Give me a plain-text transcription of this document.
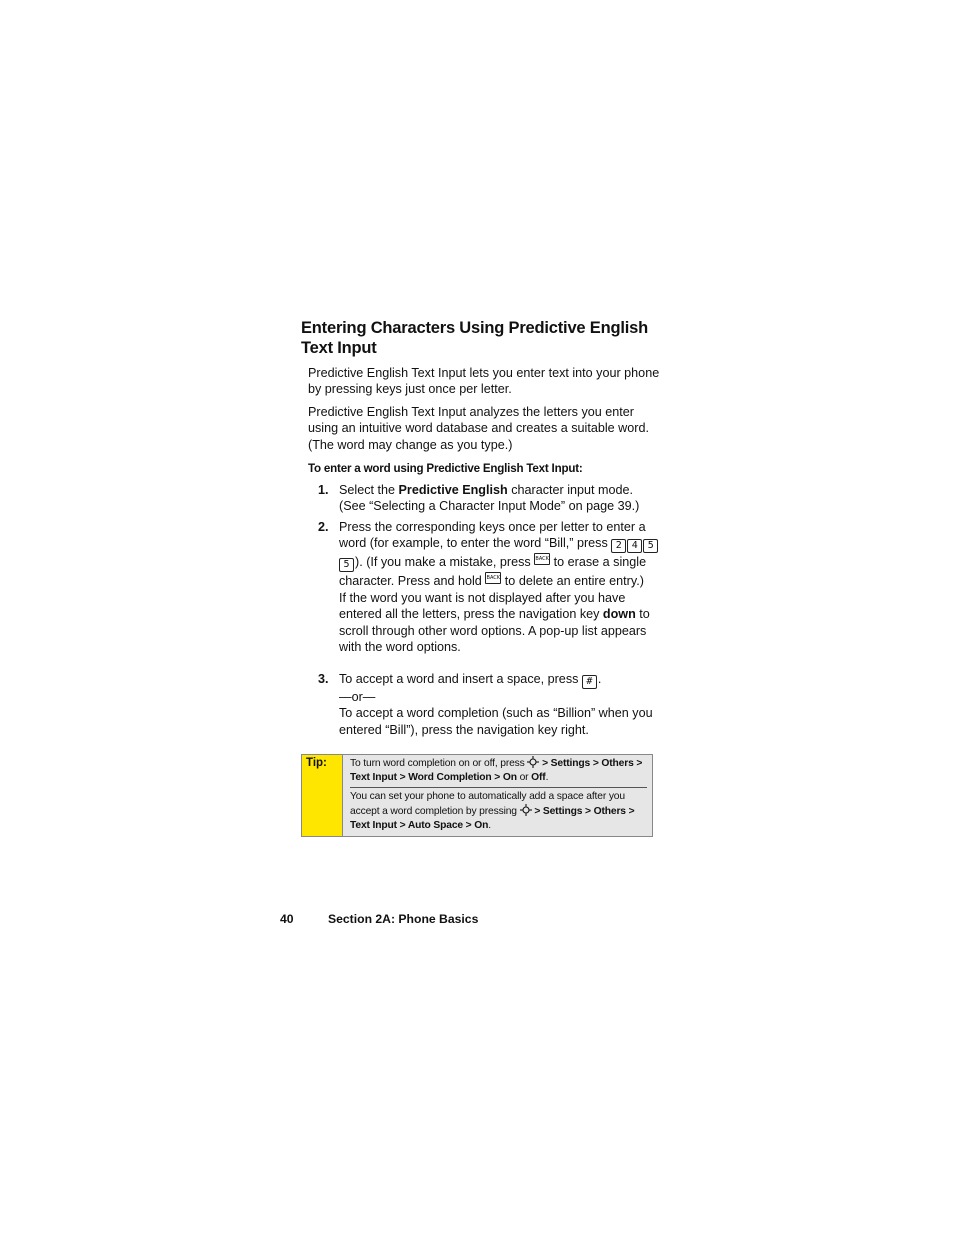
Entering Characters Using Predictive English Text Input

Predictive English Text Input lets you enter text into your phone by pressing keys just once per letter.

Predictive English Text Input analyzes the letters you enter using an intuitive word database and creates a suitable word. (The word may change as you type.)

To enter a word using Predictive English Text Input:

1. Select the Predictive English character input mode. (See “Selecting a Character Input Mode” on page 39.)
2. Press the corresponding keys once per letter to enter a word (for example, to enter the word “Bill,” press 2 4 55 ). (If you make a mistake, press BACK to erase a single character. Press and hold BACK to delete an entire entry.)
If the word you want is not displayed after you have entered all the letters, press the navigation key down to scroll through other word options. A pop-up list appears with the word options.
3. To accept a word and insert a space, press # .
—or—
To accept a word completion (such as “Billion” when you entered “Bill”), press the navigation key right.
Tip:	To turn word completion on or off, press  > Settings > Others > Text Input > Word Completion > On or Off.

You can set your phone to automatically add a space after you accept a word completion by pressing  > Settings > Others > Text Input > Auto Space > On.

40	Section 2A: Phone Basics
